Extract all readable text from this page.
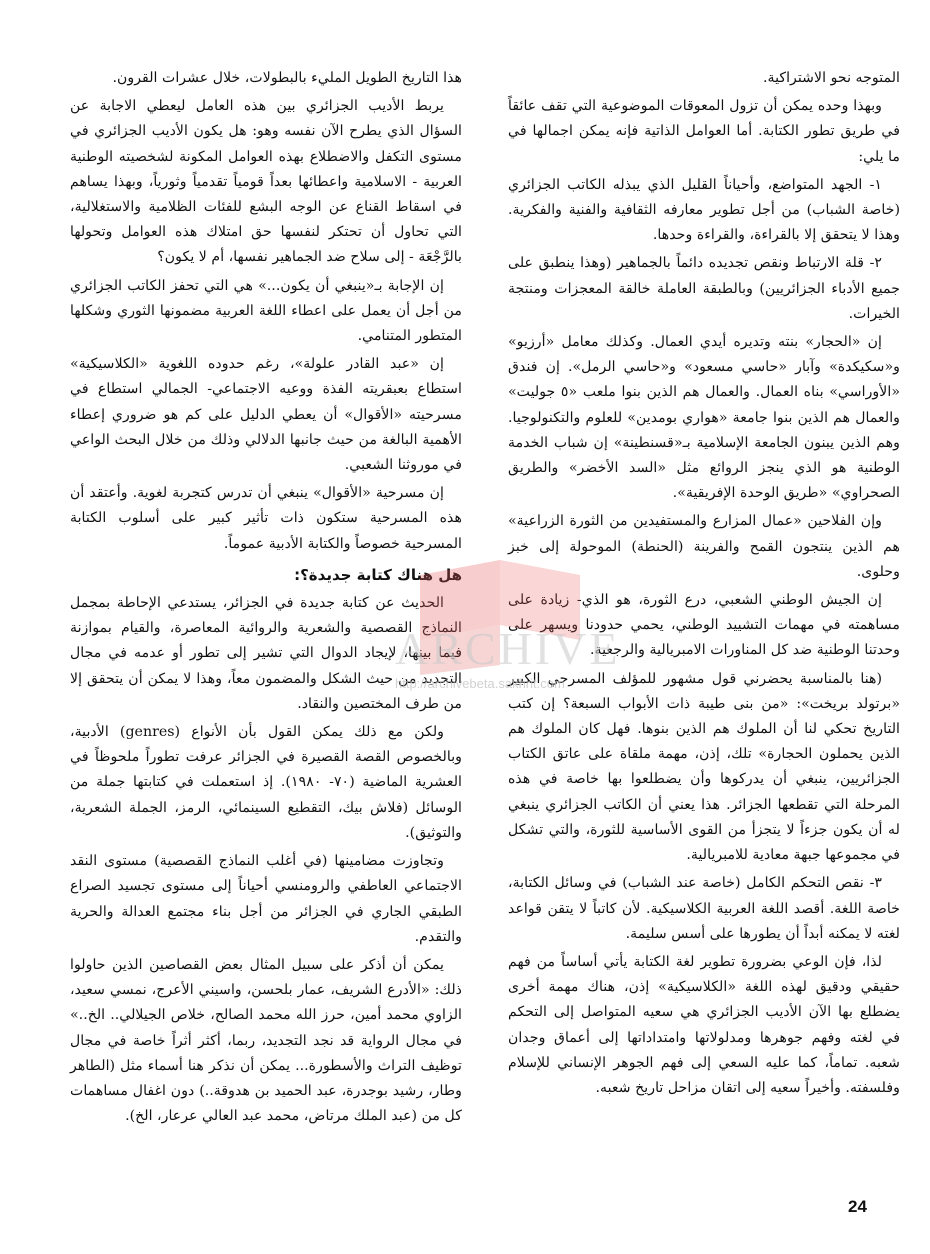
المتوجه نحو الاشتراكية.

وبهذا وحده يمكن أن تزول المعوقات الموضوعية التي تقف عائقاً في طريق تطور الكتابة. أما العوامل الذاتية فإنه يمكن اجمالها في ما يلي:

١- الجهد المتواضع، وأحياناً القليل الذي يبذله الكاتب الجزائري (خاصة الشباب) من أجل تطوير معارفه الثقافية والفنية والفكرية. وهذا لا يتحقق إلا بالقراءة، والقراءة وحدها.

٢- قلة الارتباط ونقص تجديده دائماً بالجماهير (وهذا ينطبق على جميع الأدباء الجزائريين) وبالطبقة العاملة خالقة المعجزات ومنتجة الخيرات.

إن «الحجار» بنته وتديره أيدي العمال. وكذلك معامل «أرزيو» و«سكيكدة» وآبار «حاسي مسعود» و«حاسي الرمل». إن فندق «الأوراسي» بناه العمال. والعمال هم الذين بنوا ملعب «٥ جوليت» والعمال هم الذين بنوا جامعة «هواري بومدين» للعلوم والتكنولوجيا. وهم الذين يبنون الجامعة الإسلامية بـ«قسنطينة» إن شباب الخدمة الوطنية هو الذي ينجز الروائع مثل «السد الأخضر» والطريق الصحراوي» «طريق الوحدة الإفريقية».

وإن الفلاحين «عمال المزارع والمستفيدين من الثورة الزراعية» هم الذين ينتجون القمح والفرينة (الحنطة) الموحولة إلى خبز وحلوى.

إن الجيش الوطني الشعبي، درع الثورة، هو الذي- زيادة على مساهمته في مهمات التشييد الوطني، يحمي حدودنا ويسهر على وحدتنا الوطنية ضد كل المناورات الامبريالية والرجعية.

(هنا بالمناسبة يحضرني قول مشهور للمؤلف المسرحي الكبير «برتولد بريخت»: «من بنى طيبة ذات الأبواب السبعة؟ إن كتب التاريخ تحكي لنا أن الملوك هم الذين بنوها. فهل كان الملوك هم الذين يحملون الحجارة» تلك، إذن، مهمة ملقاة على عاتق الكتاب الجزائريين، ينبغي أن يدركوها وأن يضطلعوا بها خاصة في هذه المرحلة التي تقطعها الجزائر. هذا يعني أن الكاتب الجزائري ينبغي له أن يكون جزءاً لا يتجزأ من القوى الأساسية للثورة، والتي تشكل في مجموعها جبهة معادية للامبريالية.

٣- نقص التحكم الكامل (خاصة عند الشباب) في وسائل الكتابة، خاصة اللغة. أقصد اللغة العربية الكلاسيكية. لأن كاتباً لا يتقن قواعد لغته لا يمكنه أبداً أن يطورها على أسس سليمة.

لذا، فإن الوعي بضرورة تطوير لغة الكتابة يأتي أساساً من فهم حقيقي ودقيق لهذه اللغة «الكلاسيكية» إذن، هناك مهمة أخرى يضطلع بها الآن الأديب الجزائري هي سعيه المتواصل إلى التحكم في لغته وفهم جوهرها ومدلولاتها وامتداداتها إلى أعماق وجدان شعبه. تماماً، كما عليه السعي إلى فهم الجوهر الإنساني للإسلام وفلسفته. وأخيراً سعيه إلى اتقان مزاحل تاريخ شعبه.

هذا التاريخ الطويل المليء بالبطولات، خلال عشرات القرون.

يربط الأديب الجزائري بين هذه العامل ليعطي الاجابة عن السؤال الذي يطرح الآن نفسه وهو: هل يكون الأديب الجزائري في مستوى التكفل والاضطلاع بهذه العوامل المكونة لشخصيته الوطنية العربية - الاسلامية واعطائها بعداً قومياً تقدمياً وثورياً، وبهذا يساهم في اسقاط القناع عن الوجه البشع للفئات الظلامية والاستغلالية، التي تحاول أن تحتكر لنفسها حق امتلاك هذه العوامل وتحولها بالرَّجْعَة - إلى سلاح ضد الجماهير نفسها، أم لا يكون؟

إن الإجابة بـ«ينبغي أن يكون...» هي التي تحفز الكاتب الجزائري من أجل أن يعمل على اعطاء اللغة العربية مضمونها الثوري وشكلها المتطور المتنامي.

إن «عبد القادر علولة»، رغم حدوده اللغوية «الكلاسيكية» استطاع بعبقريته الفذة ووعيه الاجتماعي- الجمالي استطاع في مسرحيته «الأقوال» أن يعطي الدليل على كم هو ضروري إعطاء الأهمية البالغة من حيث جانبها الدلالي وذلك من خلال البحث الواعي في موروثنا الشعبي.

إن مسرحية «الأقوال» ينبغي أن تدرس كتجربة لغوية. وأعتقد أن هذه المسرحية ستكون ذات تأثير كبير على أسلوب الكتابة المسرحية خصوصاً والكتابة الأدبية عموماً.

هل هناك كتابة جديدة؟:

الحديث عن كتابة جديدة في الجزائر، يستدعي الإحاطة بمجمل النماذج القصصية والشعرية والروائية المعاصرة، والقيام بموازنة فيما بينها، لإيجاد الدوال التي تشير إلى تطور أو عدمه في مجال التجديد من حيث الشكل والمضمون معاً، وهذا لا يمكن أن يتحقق إلا من طرف المختصين والنقاد.

ولكن مع ذلك يمكن القول بأن الأنواع (genres) الأدبية، وبالخصوص القصة القصيرة في الجزائر عرفت تطوراً ملحوظاً في العشرية الماضية (٧٠- ١٩٨٠). إذ استعملت في كتابتها جملة من الوسائل (فلاش بيك، التقطيع السينمائي، الرمز، الجملة الشعرية، والتوثيق).

وتجاوزت مضامينها (في أغلب النماذج القصصية) مستوى النقد الاجتماعي العاطفي والرومنسي أحياناً إلى مستوى تجسيد الصراع الطبقي الجاري في الجزائر من أجل بناء مجتمع العدالة والحرية والتقدم.

يمكن أن أذكر على سبيل المثال بعض القصاصين الذين حاولوا ذلك: «الأدرع الشريف، عمار بلحسن، واسيني الأعرج، نمسي سعيد، الزاوي محمد أمين، حرز الله محمد الصالح، خلاص الجيلالي.. الخ..» في مجال الرواية قد نجد التجديد، ربما، أكثر أثراً خاصة في مجال توظيف التراث والأسطورة... يمكن أن نذكر هنا أسماء مثل (الطاهر وطار، رشيد بوجدرة، عبد الحميد بن هدوقة..) دون اغفال مساهمات كل من (عبد الملك مرتاض، محمد عبد العالي عرعار، الخ).

ARCHIVE
http://archivebeta.sakhrit.com
24
